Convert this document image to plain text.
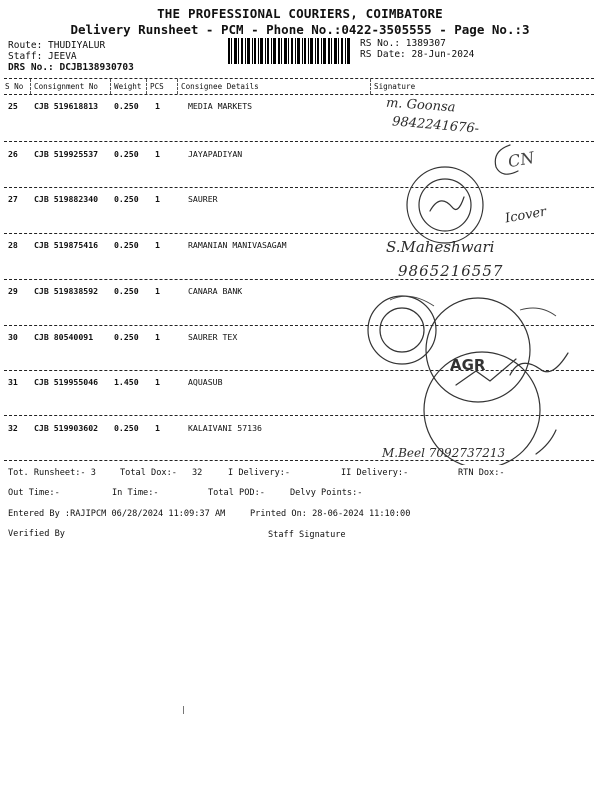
THE PROFESSIONAL COURIERS, COIMBATORE
Delivery Runsheet - PCM - Phone No.:0422-3505555 - Page No.:3
Route: THUDIYALUR
Staff: JEEVA
DRS No.: DCJB138930703
RS No.: 1389307
RS Date: 28-Jun-2024
S No Consignment No Weight PCS Consignee Details	Signature
25 CJB 519618813 0.250 1	MEDIA MARKETS
26 CJB 519925537 0.250 1	JAYAPADIYAN
27 CJB 519882340 0.250 1	SAURER
28 CJB 519875416 0.250 1	RAMANIAN MANIVASAGAM
29 CJB 519838592 0.250 1	CANARA BANK
30 CJB 80540091	0.250 1	SAURER TEX
31 CJB 519955046 1.450 1	AQUASUB
32 CJB 519903602 0.250 1	KALAIVANI 57136
m. Goonsa
9842241676-
CN
Icover
S.Maheshwari
9865216557
AGR
M.Beel 7092737213
Tot. Runsheet:- 3	Total Dox:- 32	I Delivery:-	II Delivery:-	RTN Dox:-
Out Time:-	In Time:-	Total POD:-	Delvy Points:-
Entered By :RAJIPCM 06/28/2024 11:09:37 AM	Printed On: 28-06-2024 11:10:00
Verified By	Staff Signature
